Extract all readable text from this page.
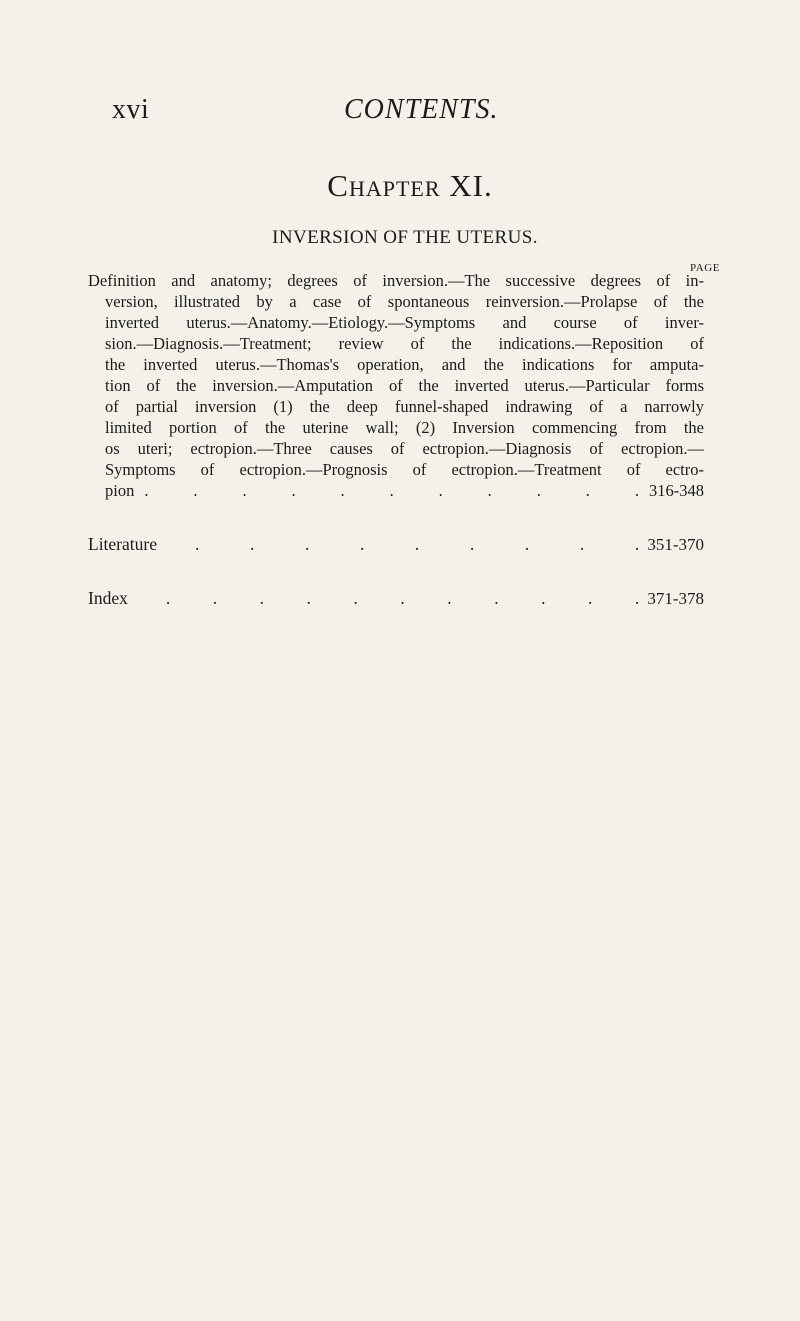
xvi	CONTENTS.
Chapter XI.
INVERSION OF THE UTERUS.
PAGE
Definition and anatomy; degrees of inversion.—The successive degrees of in-
version, illustrated by a case of spontaneous reinversion.—Prolapse of the
inverted uterus.—Anatomy.—Etiology.—Symptoms and course of inver-
sion.—Diagnosis.—Treatment; review of the indications.—Reposition of
the inverted uterus.—Thomas's operation, and the indications for amputa-
tion of the inversion.—Amputation of the inverted uterus.—Particular forms
of partial inversion (1) the deep funnel-shaped indrawing of a narrowly
limited portion of the uterine wall; (2) Inversion commencing from the
os uteri; ectropion.—Three causes of ectropion.—Diagnosis of ectropion.—
Symptoms of ectropion.—Prognosis of ectropion.—Treatment of ectro-
pion .	.	.	.	.	.	.	.	.	.	. 316-348
Literature .	.	.	.	.	.	.	.	. 351-370
Index . . . . . . . . . . . 371-378
